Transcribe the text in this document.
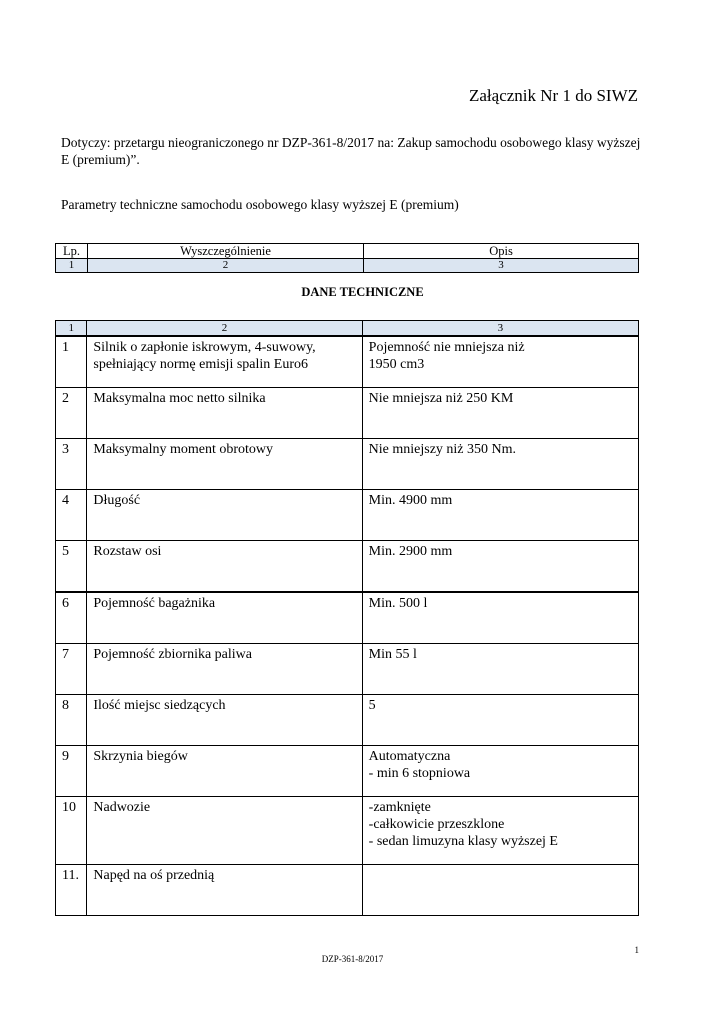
Załącznik Nr 1 do SIWZ
Dotyczy: przetargu nieograniczonego nr DZP-361-8/2017 na: Zakup samochodu osobowego klasy wyższej E (premium)”.
Parametry techniczne samochodu osobowego klasy wyższej E (premium)
Lp.	Wyszczególnienie	Opis
1	2	3
DANE TECHNICZNE
1	2	3
1	Silnik o zapłonie iskrowym, 4-suwowy, spełniający normę emisji spalin Euro6	Pojemność nie mniejsza niż
1950 cm3
2	Maksymalna moc netto silnika	Nie mniejsza niż 250 KM
3	Maksymalny moment obrotowy	Nie mniejszy niż 350 Nm.
4	Długość	Min. 4900 mm
5	Rozstaw osi	Min. 2900 mm
6	Pojemność bagażnika	Min. 500 l
7	Pojemność zbiornika paliwa	Min 55 l
8	Ilość miejsc siedzących	5
9	Skrzynia biegów	Automatyczna
- min 6 stopniowa
10	Nadwozie	-zamknięte
-całkowicie przeszklone
- sedan limuzyna klasy wyższej E
11.	Napęd na oś przednią	
1
DZP-361-8/2017
